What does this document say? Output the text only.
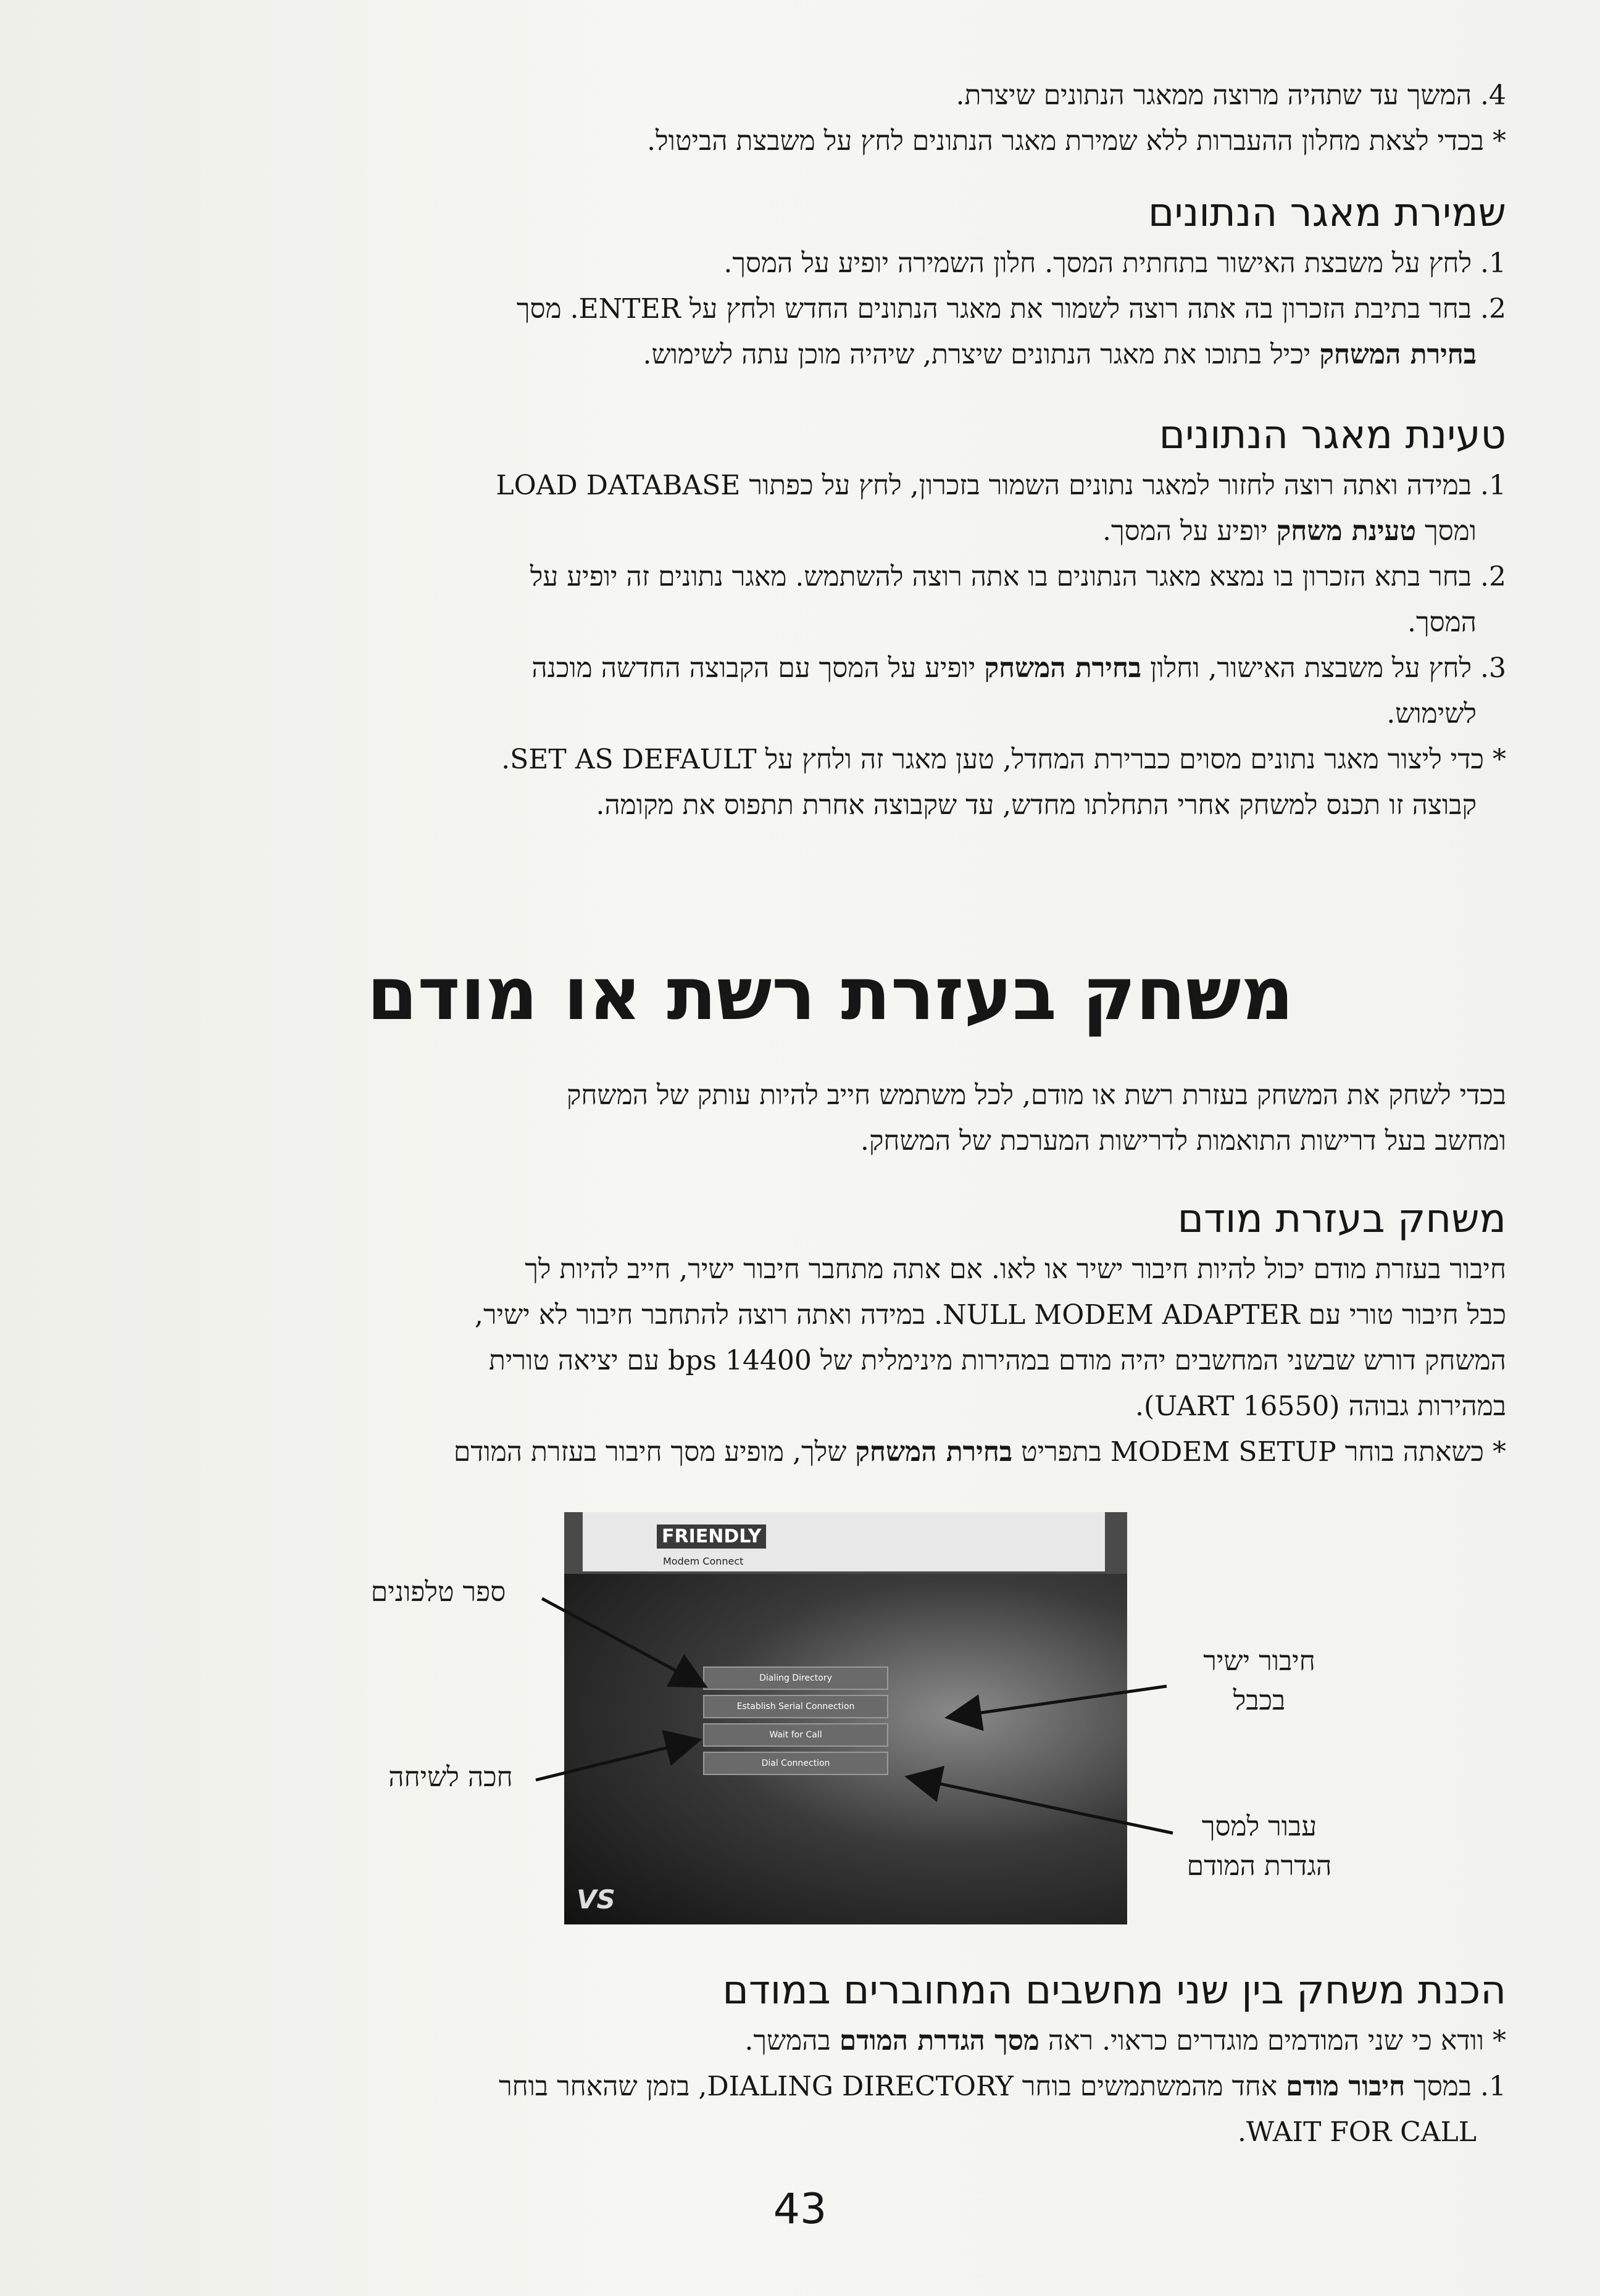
4. המשך עד שתהיה מרוצה ממאגר הנתונים שיצרת.

* בכדי לצאת מחלון ההעברות ללא שמירת מאגר הנתונים לחץ על משבצת הביטול.

שמירת מאגר הנתונים

1. לחץ על משבצת האישור בתחתית המסך. חלון השמירה יופיע על המסך.

2. בחר בתיבת הזכרון בה אתה רוצה לשמור את מאגר הנתונים החדש ולחץ על ENTER. מסך

בחירת המשחק יכיל בתוכו את מאגר הנתונים שיצרת, שיהיה מוכן עתה לשימוש.

טעינת מאגר הנתונים

1. במידה ואתה רוצה לחזור למאגר נתונים השמור בזכרון, לחץ על כפתור LOAD DATABASE

ומסך טעינת משחק יופיע על המסך.

2. בחר בתא הזכרון בו נמצא מאגר הנתונים בו אתה רוצה להשתמש. מאגר נתונים זה יופיע על

המסך.

3. לחץ על משבצת האישור, וחלון בחירת המשחק יופיע על המסך עם הקבוצה החדשה מוכנה

לשימוש.

* כדי ליצור מאגר נתונים מסוים כברירת המחדל, טען מאגר זה ולחץ על SET AS DEFAULT.

קבוצה זו תכנס למשחק אחרי התחלתו מחדש, עד שקבוצה אחרת תתפוס את מקומה.

משחק בעזרת רשת או מודם

בכדי לשחק את המשחק בעזרת רשת או מודם, לכל משתמש חייב להיות עותק של המשחק

ומחשב בעל דרישות התואמות לדרישות המערכת של המשחק.

משחק בעזרת מודם

חיבור בעזרת מודם יכול להיות חיבור ישיר או לאו. אם אתה מתחבר חיבור ישיר, חייב להיות לך

כבל חיבור טורי עם NULL MODEM ADAPTER. במידה ואתה רוצה להתחבר חיבור לא ישיר,

המשחק דורש שבשני המחשבים יהיה מודם במהירות מינימלית של 14400 bps עם יציאה טורית

במהירות גבוהה (16550 UART).

* כשאתה בוחר MODEM SETUP בתפריט בחירת המשחק שלך, מופיע מסך חיבור בעזרת המודם

FRIENDLY
Modem Connect
Dialing Directory
Establish Serial Connection
Wait for Call
Dial Connection
VS
ספר טלפונים
חכה לשיחה
חיבור ישיר
בכבל
עבור למסך
הגדרת המודם
הכנת משחק בין שני מחשבים המחוברים במודם

* וודא כי שני המודמים מוגדרים כראוי. ראה מסך הגדרת המודם בהמשך.

1. במסך חיבור מודם אחד מהמשתמשים בוחר DIALING DIRECTORY, בזמן שהאחר בוחר

WAIT FOR CALL.

43
